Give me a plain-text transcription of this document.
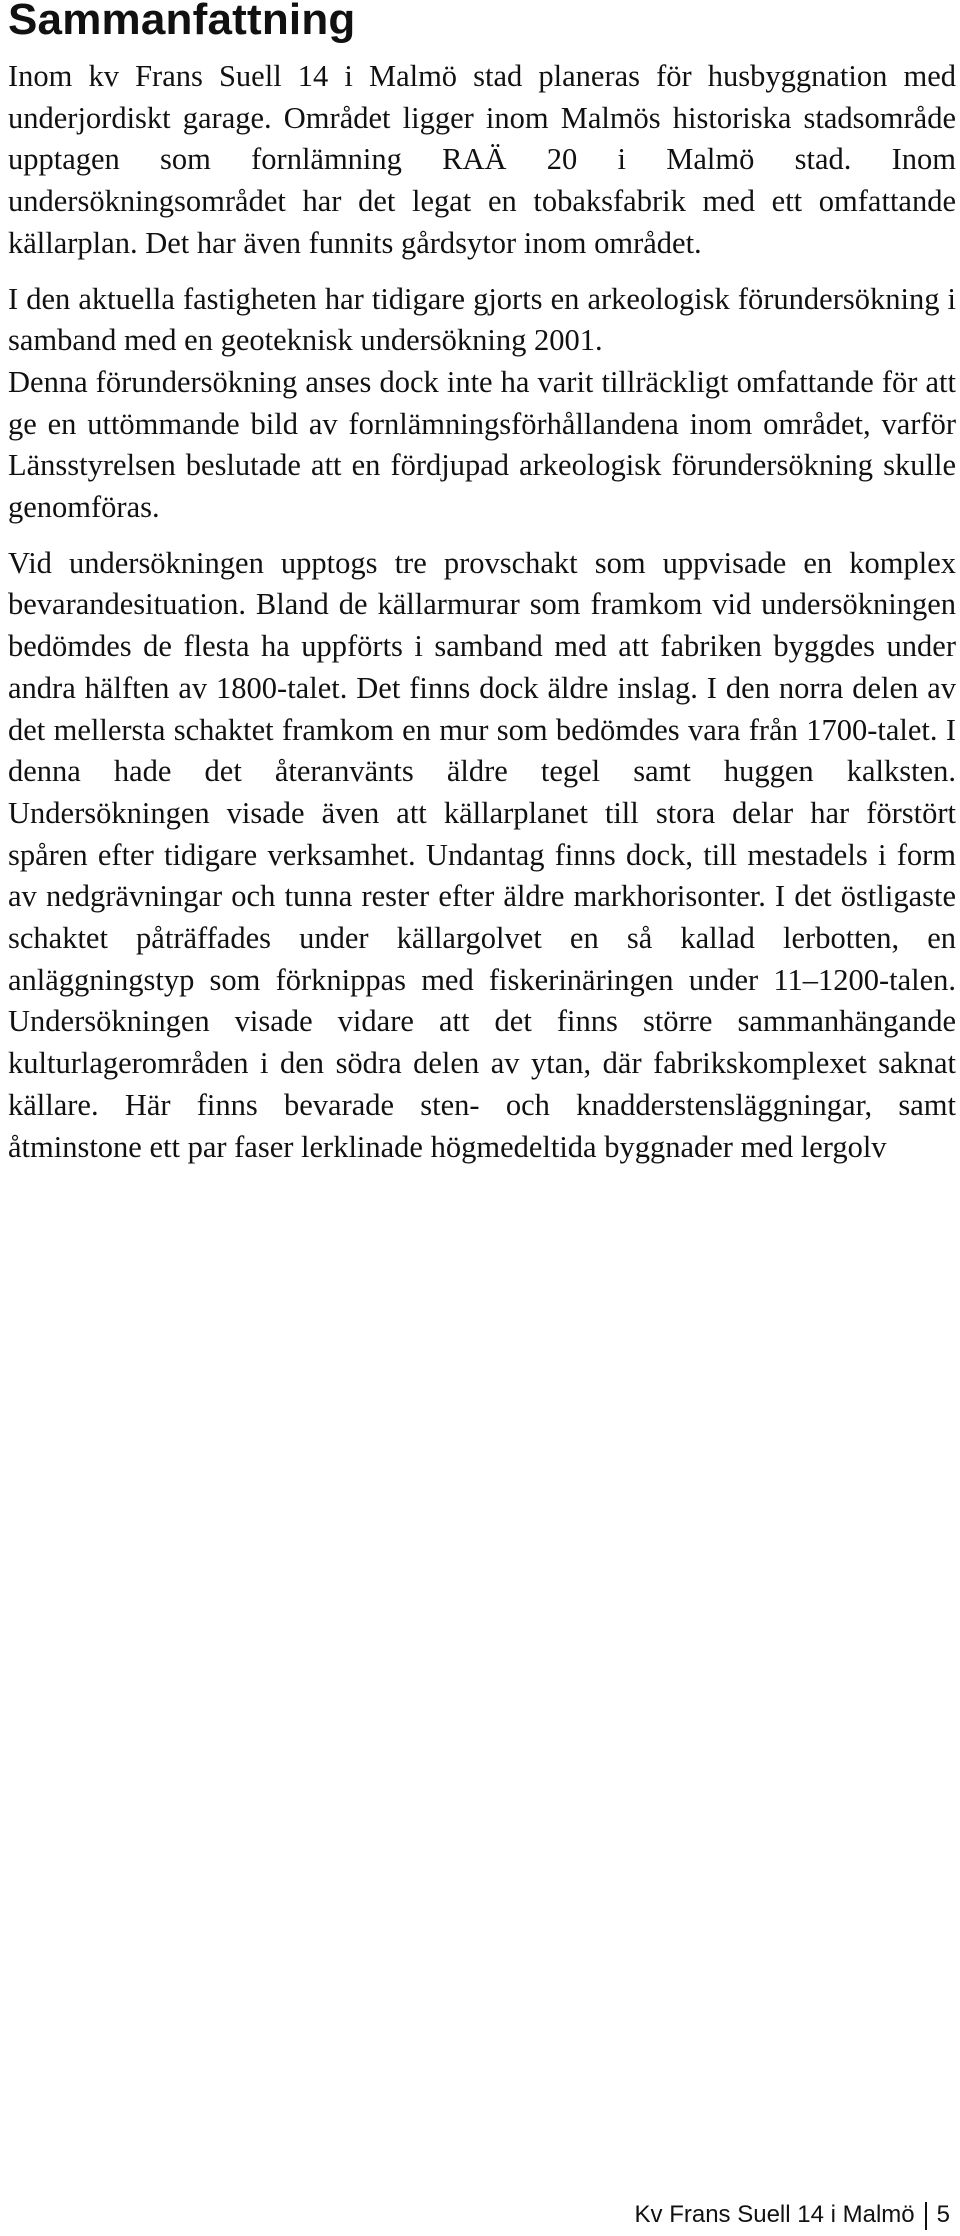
Sammanfattning

Inom kv Frans Suell 14 i Malmö stad planeras för husbyggnation med underjordiskt garage. Området ligger inom Malmös historiska stadsområde upptagen som fornlämning RAÄ 20 i Malmö stad. Inom undersökningsområdet har det legat en tobaksfabrik med ett omfattande källarplan. Det har även funnits gårdsytor inom området.

I den aktuella fastigheten har tidigare gjorts en arkeologisk förundersökning i samband med en geoteknisk undersökning 2001.

Denna förundersökning anses dock inte ha varit tillräckligt omfattande för att ge en uttömmande bild av fornlämningsförhållandena inom området, varför Länsstyrelsen beslutade att en fördjupad arkeologisk förundersökning skulle genomföras.

Vid undersökningen upptogs tre provschakt som uppvisade en komplex bevarandesituation. Bland de källarmurar som framkom vid undersökningen bedömdes de flesta ha uppförts i samband med att fabriken byggdes under andra hälften av 1800-talet. Det finns dock äldre inslag. I den norra delen av det mellersta schaktet framkom en mur som bedömdes vara från 1700-talet. I denna hade det återanvänts äldre tegel samt huggen kalksten. Undersökningen visade även att källarplanet till stora delar har förstört spåren efter tidigare verksamhet. Undantag finns dock, till mestadels i form av nedgrävningar och tunna rester efter äldre markhorisonter. I det östligaste schaktet påträffades under källargolvet en så kallad lerbotten, en anläggningstyp som förknippas med fiskerinäringen under 11–1200-talen. Undersökningen visade vidare att det finns större sammanhängande kulturlagerområden i den södra delen av ytan, där fabrikskomplexet saknat källare. Här finns bevarade sten- och knadderstensläggningar, samt åtminstone ett par faser lerklinade högmedeltida byggnader med lergolv

Kv Frans Suell 14 i Malmö 5
